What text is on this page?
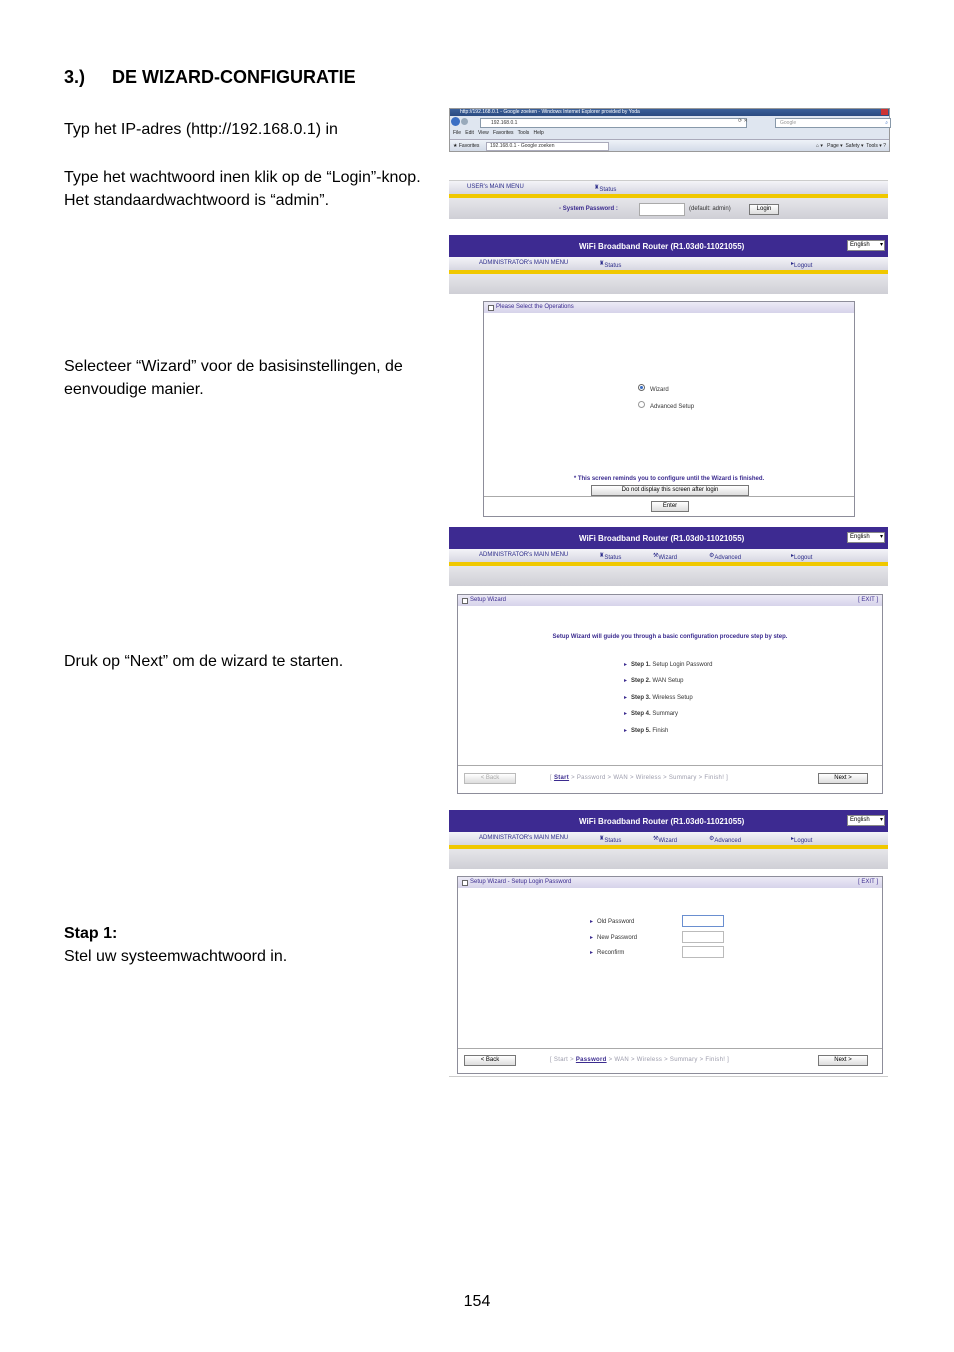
3.) DE WIZARD-CONFIGURATIE
Typ het IP-adres (http://192.168.0.1) in
Type het wachtwoord inen klik op de “Login”-knop. Het standaardwachtwoord is “admin”.
Selecteer “Wizard” voor de basisinstellingen, de eenvoudige manier.
Druk op “Next” om de wizard te starten.
Stap 1:
Stel uw systeemwachtwoord in.
154
http://192.168.0.1 - Google zoeken - Windows Internet Explorer provided by Yoda
192.168.0.1	⟳ ✕	Google	⌕
File Edit View Favorites Tools Help
★ Favorites	192.168.0.1 - Google zoeken	⌂ ▾   Page ▾ Safety ▾ Tools ▾ ?
USER's MAIN MENU	♜ Status
▫ System Password :	(default: admin)	Login
WiFi Broadband Router (R1.03d0-11021055)	English ▾
ADMINISTRATOR's MAIN MENU	♜ Status	▸ Logout
Please Select the Operations
Wizard
Advanced Setup
* This screen reminds you to configure until the Wizard is finished.
Do not display this screen after login
Enter
WiFi Broadband Router (R1.03d0-11021055)	English ▾
ADMINISTRATOR's MAIN MENU	♜ Status	⚒ Wizard	⚙ Advanced	▸ Logout
Setup Wizard	[ EXIT ]
Setup Wizard will guide you through a basic configuration procedure step by step.
▸ Step 1. Setup Login Password
▸ Step 2. WAN Setup
▸ Step 3. Wireless Setup
▸ Step 4. Summary
▸ Step 5. Finish
< Back	[ Start > Password > WAN > Wireless > Summary > Finish! ]	Next >
WiFi Broadband Router (R1.03d0-11021055)	English ▾
ADMINISTRATOR's MAIN MENU	♜ Status	⚒ Wizard	⚙ Advanced	▸ Logout
Setup Wizard - Setup Login Password	[ EXIT ]
▸ Old Password
▸ New Password
▸ Reconfirm
< Back	[ Start > Password > WAN > Wireless > Summary > Finish! ]	Next >
